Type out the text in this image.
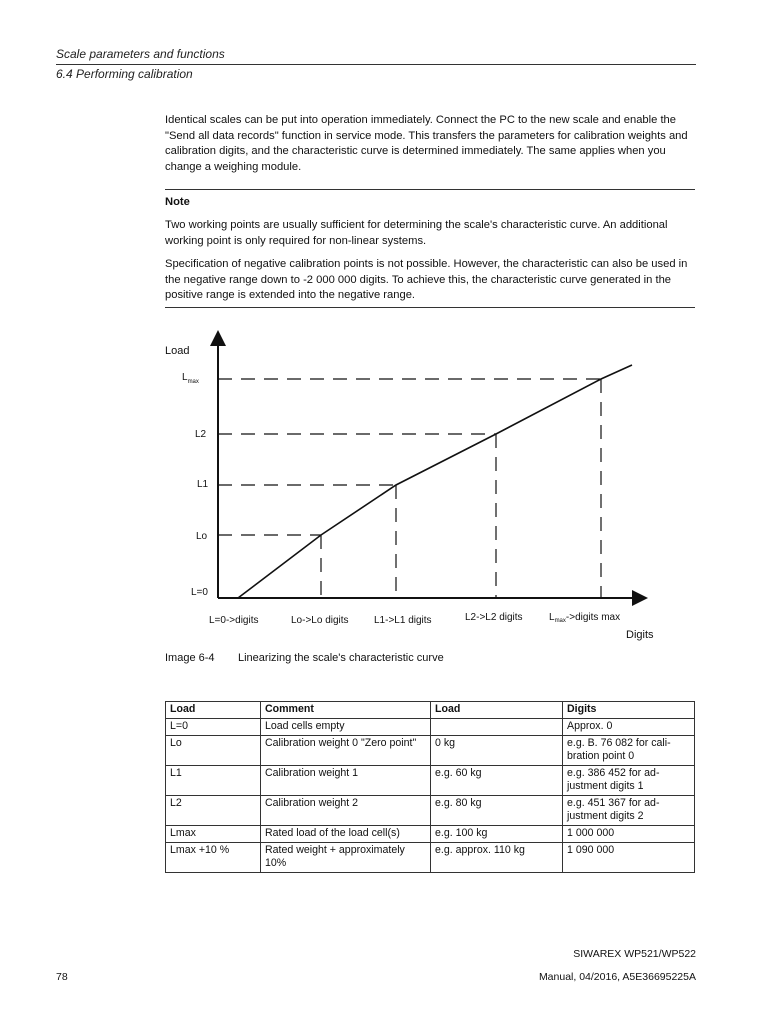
Scale parameters and functions
6.4 Performing calibration
Identical scales can be put into operation immediately. Connect the PC to the new scale and enable the "Send all data records" function in service mode. This transfers the parameters for calibration weights and calibration digits, and the characteristic curve is determined immediately. The same applies when you change a weighing module.
Note
Two working points are usually sufficient for determining the scale's characteristic curve. An additional working point is only required for non-linear systems.
Specification of negative calibration points is not possible. However, the characteristic can also be used in the negative range down to -2 000 000 digits. To achieve this, the characteristic curve generated in the positive range is extended into the negative range.
Load
$L_{max}$
L2
L1
Lo
L=0
L=0->digits	Lo->Lo digits	L1->L1 digits	L2->L2 digits	$L_{max}->digits$ max
Digits
Image 6-4 Linearizing the scale's characteristic curve
Load	Comment	Load	Digits
L=0	Load cells empty		Approx. 0
Lo	Calibration weight 0 "Zero point"	0 kg	e.g. B. 76 082 for cali-bration point 0
L1	Calibration weight 1	e.g. 60 kg	e.g. 386 452 for ad-justment digits 1
L2	Calibration weight 2	e.g. 80 kg	e.g. 451 367 for ad-justment digits 2
Lmax	Rated load of the load cell(s)	e.g. 100 kg	1 000 000
Lmax +10 %	Rated weight + approximately 10%	e.g. approx. 110 kg	1 090 000
SIWAREX WP521/WP522
Manual, 04/2016, A5E36695225A
78
